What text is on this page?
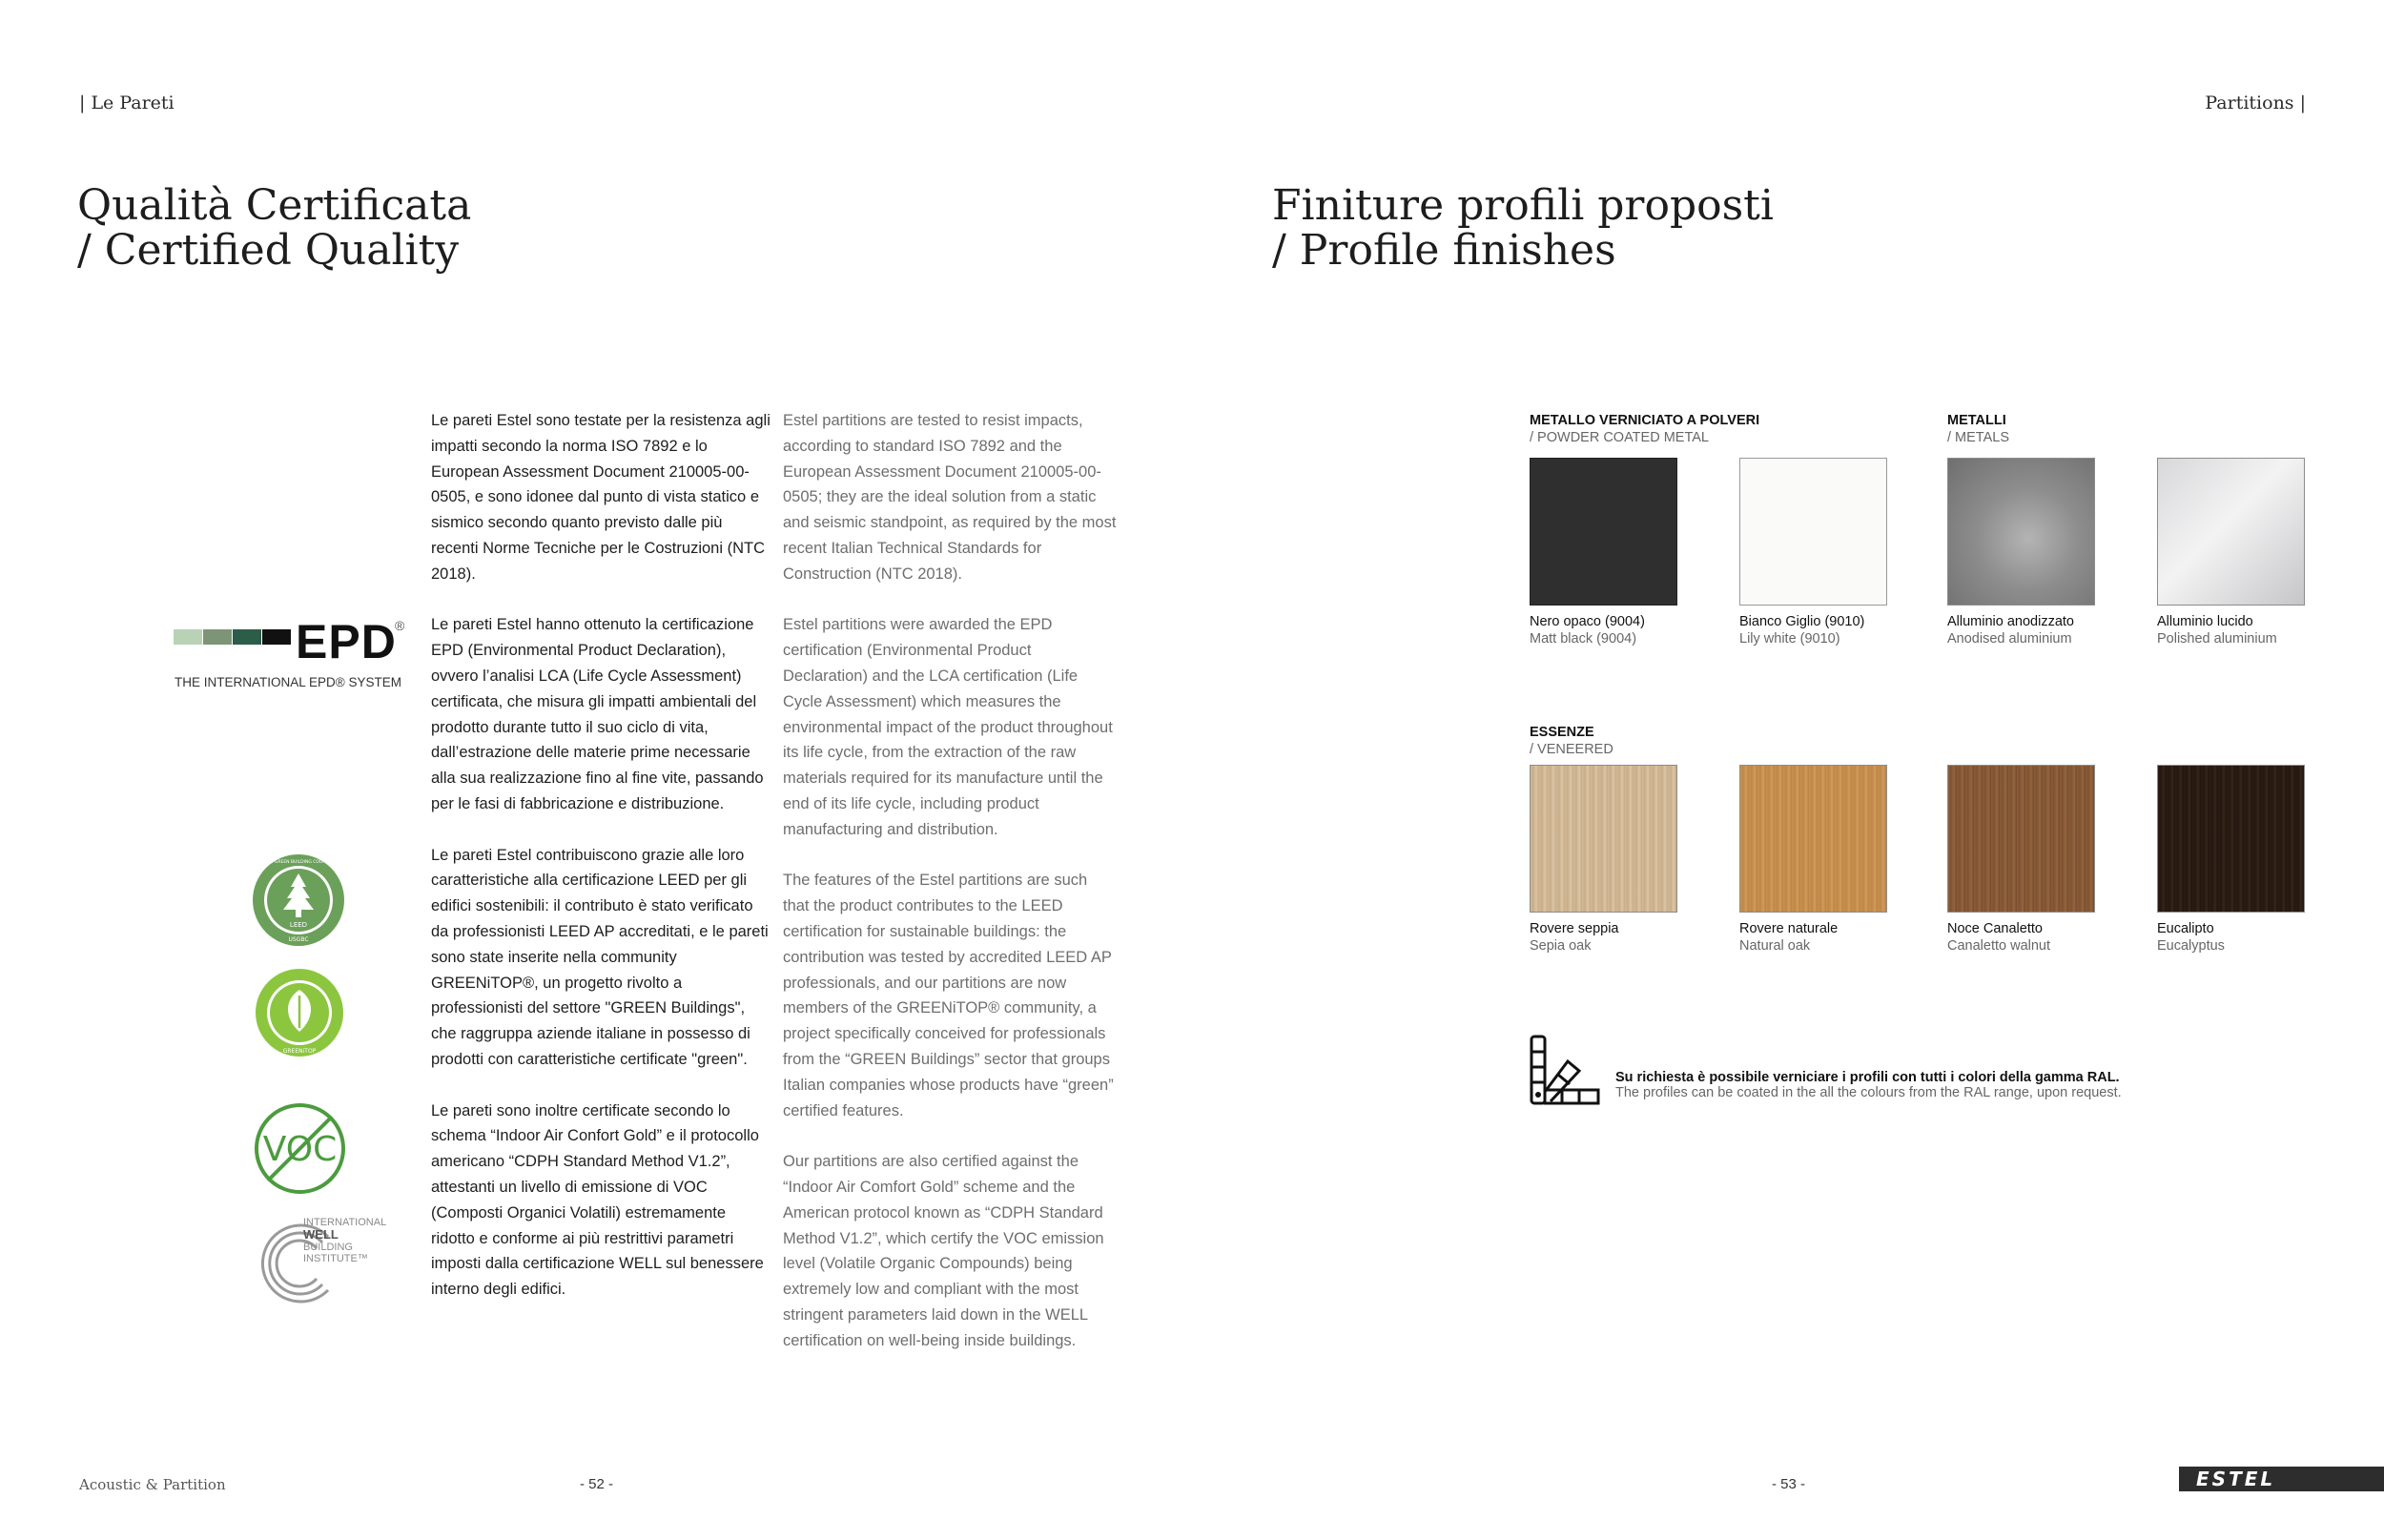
| Le Pareti
Qualità Certificata
/ Certified Quality
EPD
®
THE INTERNATIONAL EPD® SYSTEM
LEED
USGBC
U.S. GREEN BUILDING COUNCIL
GREENiTOP
VOC
INTERNATIONAL
WELL
BUILDING
INSTITUTE™

Le pareti Estel sono testate per la resistenza agli impatti secondo la norma ISO 7892 e lo European Assessment Document 210005-00-0505, e sono idonee dal punto di vista statico e sismico secondo quanto previsto dalle più recenti Norme Tecniche per le Costruzioni (NTC 2018).

Le pareti Estel hanno ottenuto la certificazione EPD (Environmental Product Declaration), ovvero l’analisi LCA (Life Cycle Assessment) certificata, che misura gli impatti ambientali del prodotto durante tutto il suo ciclo di vita, dall’estrazione delle materie prime necessarie alla sua realizzazione fino al fine vite, passando per le fasi di fabbricazione e distribuzione.

Le pareti Estel contribuiscono grazie alle loro caratteristiche alla certificazione LEED per gli edifici sostenibili: il contributo è stato verificato da professionisti LEED AP accreditati, e le pareti sono state inserite nella community GREENiTOP®, un progetto rivolto a professionisti del settore "GREEN Buildings", che raggruppa aziende italiane in possesso di prodotti con caratteristiche certificate "green".

Le pareti sono inoltre certificate secondo lo schema “Indoor Air Confort Gold” e il protocollo americano “CDPH Standard Method V1.2”, attestanti un livello di emissione di VOC (Composti Organici Volatili) estremamente ridotto e conforme ai più restrittivi parametri imposti dalla certificazione WELL sul benessere interno degli edifici.

Estel partitions are tested to resist impacts, according to standard ISO 7892 and the European Assessment Document 210005-00-0505; they are the ideal solution from a static and seismic standpoint, as required by the most recent Italian Technical Standards for Construction (NTC 2018).

Estel partitions were awarded the EPD certification (Environmental Product Declaration) and the LCA certification (Life Cycle Assessment) which measures the environmental impact of the product throughout its life cycle, from the extraction of the raw materials required for its manufacture until the end of its life cycle, including product manufacturing and distribution.

The features of the Estel partitions are such that the product contributes to the LEED certification for sustainable buildings: the contribution was tested by accredited LEED AP professionals, and our partitions are now members of the GREENiTOP® community, a project specifically conceived for professionals from the “GREEN Buildings” sector that groups Italian companies whose products have “green” certified features.

Our partitions are also certified against the “Indoor Air Comfort Gold” scheme and the American protocol known as “CDPH Standard Method V1.2”, which certify the VOC emission level (Volatile Organic Compounds) being extremely low and compliant with the most stringent parameters laid down in the WELL certification on well-being inside buildings.

Acoustic & Partition	- 52 -
Partitions |
Finiture profili proposti
/ Profile finishes
METALLO VERNICIATO A POLVERI
/ POWDER COATED METAL
Nero opaco (9004)
Matt black (9004)
Bianco Giglio (9010)
Lily white (9010)
METALLI
/ METALS
Alluminio anodizzato
Anodised aluminium
Alluminio lucido
Polished aluminium
ESSENZE
/ VENEERED
Rovere seppia
Sepia oak
Rovere naturale
Natural oak
Noce Canaletto
Canaletto walnut
Eucalipto
Eucalyptus
Su richiesta è possibile verniciare i profili con tutti i colori della gamma RAL.
The profiles can be coated in the all the colours from the RAL range, upon request.
- 53 -	ESTEL
